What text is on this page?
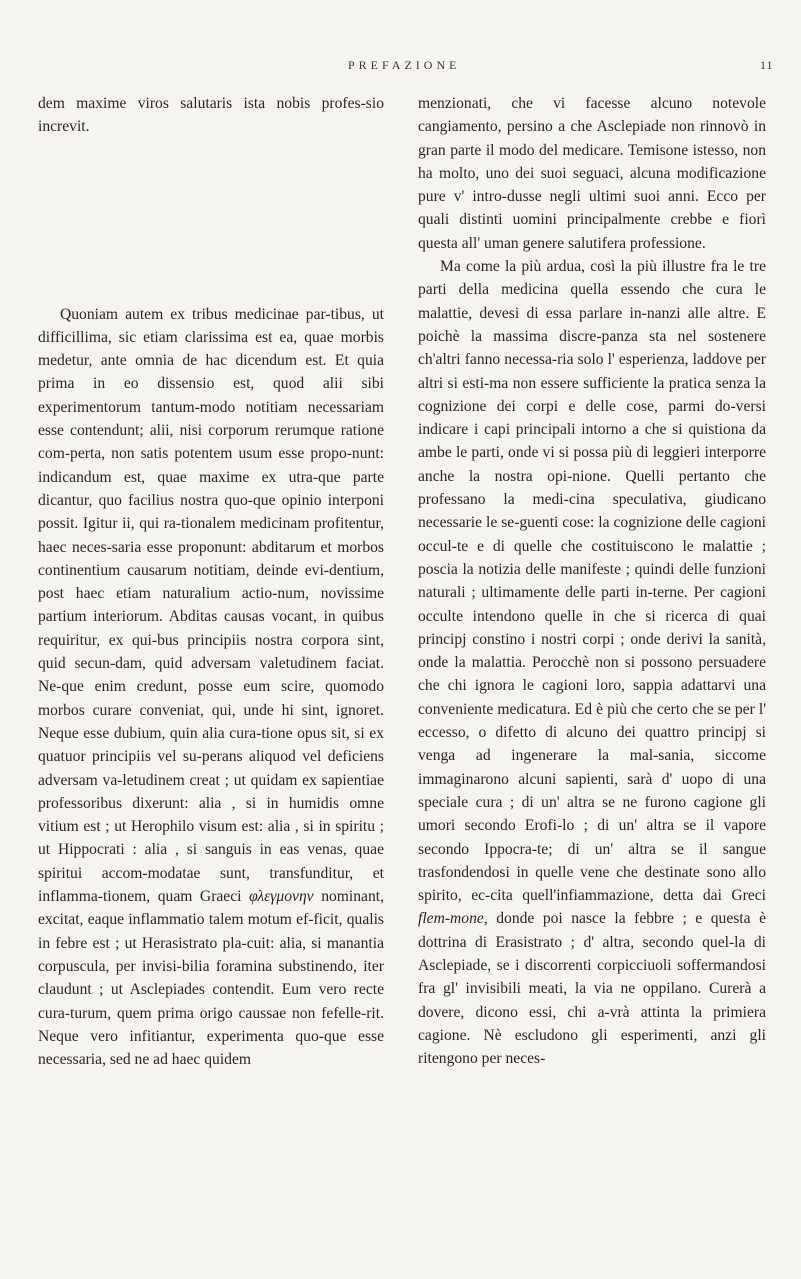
PREFAZIONE	11

dem maxime viros salutaris ista nobis profes-sio increvit.

Quoniam autem ex tribus medicinae par-tibus, ut difficillima, sic etiam clarissima est ea, quae morbis medetur, ante omnia de hac dicendum est. Et quia prima in eo dissensio est, quod alii sibi experimentorum tantum-modo notitiam necessariam esse contendunt; alii, nisi corporum rerumque ratione com-perta, non satis potentem usum esse propo-nunt: indicandum est, quae maxime ex utra-que parte dicantur, quo facilius nostra quo-que opinio interponi possit. Igitur ii, qui ra-tionalem medicinam profitentur, haec neces-saria esse proponunt: abditarum et morbos continentium causarum notitiam, deinde evi-dentium, post haec etiam naturalium actio-num, novissime partium interiorum. Abditas causas vocant, in quibus requiritur, ex qui-bus principiis nostra corpora sint, quid secun-dam, quid adversam valetudinem faciat. Ne-que enim credunt, posse eum scire, quomodo morbos curare conveniat, qui, unde hi sint, ignoret. Neque esse dubium, quin alia cura-tione opus sit, si ex quatuor principiis vel su-perans aliquod vel deficiens adversam va-letudinem creat ; ut quidam ex sapientiae professoribus dixerunt: alia , si in humidis omne vitium est ; ut Herophilo visum est: alia , si in spiritu ; ut Hippocrati : alia , si sanguis in eas venas, quae spiritui accom-modatae sunt, transfunditur, et inflamma-tionem, quam Graeci φλεγμονην nominant, excitat, eaque inflammatio talem motum ef-ficit, qualis in febre est ; ut Herasistrato pla-cuit: alia, si manantia corpuscula, per invisi-bilia foramina substinendo, iter claudunt ; ut Asclepiades contendit. Eum vero recte cura-turum, quem prima origo caussae non fefelle-rit. Neque vero infitiantur, experimenta quo-que esse necessaria, sed ne ad haec quidem

menzionati, che vi facesse alcuno notevole cangiamento, persino a che Asclepiade non rinnovò in gran parte il modo del medicare. Temisone istesso, non ha molto, uno dei suoi seguaci, alcuna modificazione pure v' intro-dusse negli ultimi suoi anni. Ecco per quali distinti uomini principalmente crebbe e fiorì questa all' uman genere salutifera professione.

Ma come la più ardua, così la più illustre fra le tre parti della medicina quella essendo che cura le malattie, devesi di essa parlare in-nanzi alle altre. E poichè la massima discre-panza sta nel sostenere ch'altri fanno necessa-ria solo l' esperienza, laddove per altri si esti-ma non essere sufficiente la pratica senza la cognizione dei corpi e delle cose, parmi do-versi indicare i capi principali intorno a che si quistiona da ambe le parti, onde vi si possa più di leggieri interporre anche la nostra opi-nione. Quelli pertanto che professano la medi-cina speculativa, giudicano necessarie le se-guenti cose: la cognizione delle cagioni occul-te e di quelle che costituiscono le malattie ; poscia la notizia delle manifeste ; quindi delle funzioni naturali ; ultimamente delle parti in-terne. Per cagioni occulte intendono quelle in che si ricerca di quai principj constino i nostri corpi ; onde derivi la sanità, onde la malattia. Perocchè non si possono persuadere che chi ignora le cagioni loro, sappia adattarvi una conveniente medicatura. Ed è più che certo che se per l' eccesso, o difetto di alcuno dei quattro principj si venga ad ingenerare la mal-sania, siccome immaginarono alcuni sapienti, sarà d' uopo di una speciale cura ; di un' altra se ne furono cagione gli umori secondo Erofi-lo ; di un' altra se il vapore secondo Ippocra-te; di un' altra se il sangue trasfondendosi in quelle vene che destinate sono allo spirito, ec-cita quell'infiammazione, detta dai Greci flem-mone, donde poi nasce la febbre ; e questa è dottrina di Erasistrato ; d' altra, secondo quel-la di Asclepiade, se i discorrenti corpicciuoli soffermandosi fra gl' invisibili meati, la via ne oppilano. Curerà a dovere, dicono essi, chi a-vrà attinta la primiera cagione. Nè escludono gli esperimenti, anzi gli ritengono per neces-
